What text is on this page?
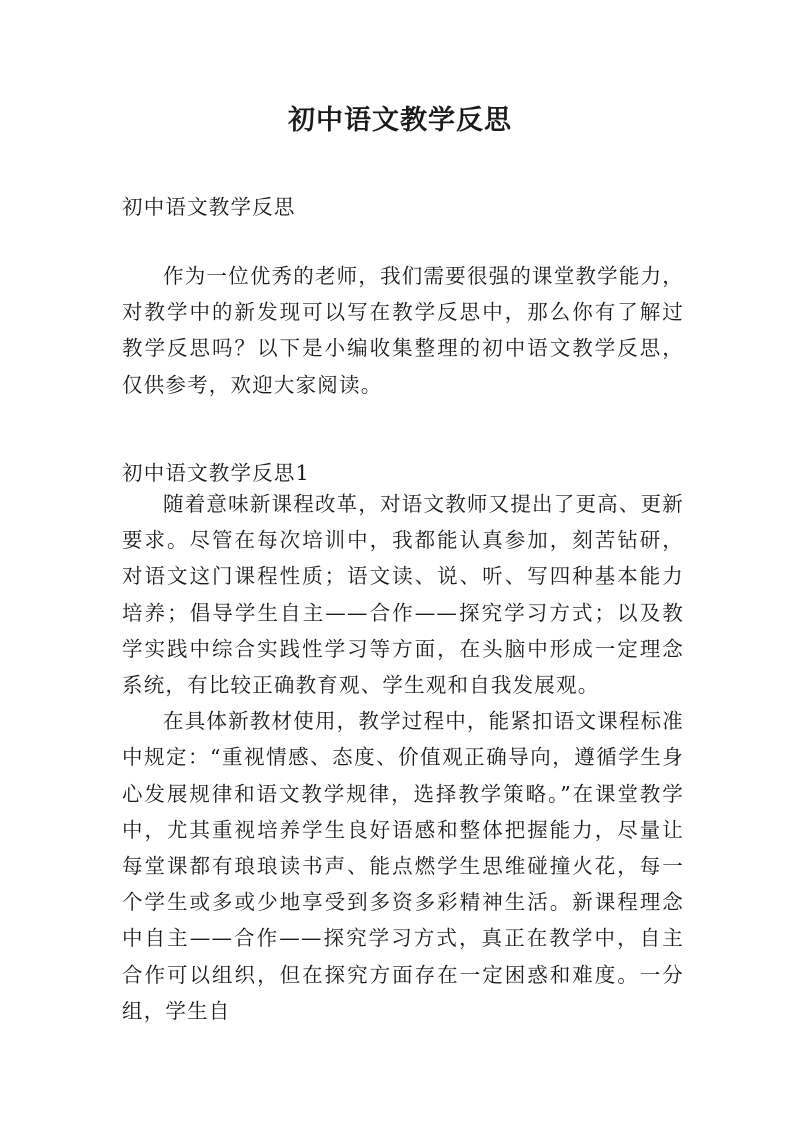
初中语文教学反思
初中语文教学反思

作为一位优秀的老师，我们需要很强的课堂教学能力，对教学中的新发现可以写在教学反思中，那么你有了解过教学反思吗？以下是小编收集整理的初中语文教学反思，仅供参考，欢迎大家阅读。

初中语文教学反思1

随着意味新课程改革，对语文教师又提出了更高、更新要求。尽管在每次培训中，我都能认真参加，刻苦钻研，对语文这门课程性质；语文读、说、听、写四种基本能力培养；倡导学生自主——合作——探究学习方式；以及教学实践中综合实践性学习等方面，在头脑中形成一定理念系统，有比较正确教育观、学生观和自我发展观。

在具体新教材使用，教学过程中，能紧扣语文课程标准中规定：“重视情感、态度、价值观正确导向，遵循学生身心发展规律和语文教学规律，选择教学策略。”在课堂教学中，尤其重视培养学生良好语感和整体把握能力，尽量让每堂课都有琅琅读书声、能点燃学生思维碰撞火花，每一个学生或多或少地享受到多资多彩精神生活。新课程理念中自主——合作——探究学习方式，真正在教学中，自主合作可以组织，但在探究方面存在一定困惑和难度。一分组，学生自
